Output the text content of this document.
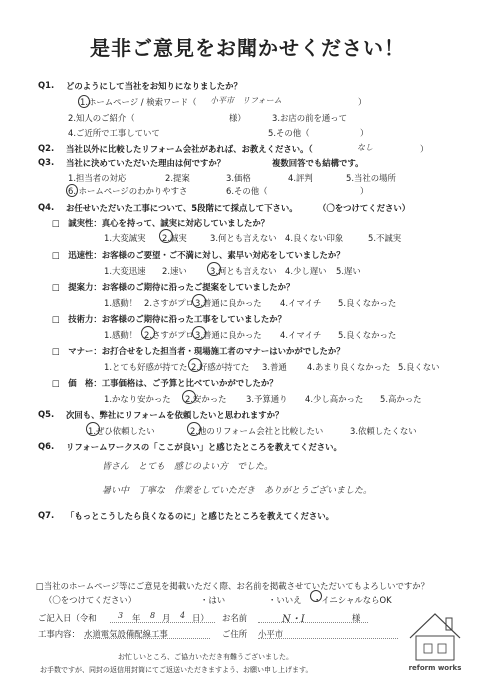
是非ご意見をお聞かせください！
Q1. どのようにして当社をお知りになりましたか？
1.ホームページ / 検索ワード（ 小平市　リフォーム	）
2.知人のご紹介（	様）	3.お店の前を通って
4.ご近所で工事していて	5.その他（	）
Q2. 当社以外に比較したリフォーム会社があれば、お教えください。（	なし	）
Q3. 当社に決めていただいた理由は何ですか？	複数回答でも結構です。
1.担当者の対応	2.提案	3.価格	4.評判	5.当社の場所
6. ホームページのわかりやすさ	6.その他（	）
Q4. お任せいただいた工事について、5段階にて採点して下さい。 （〇をつけてください）
□　誠実性：真心を持って、誠実に対応していましたか？
1.大変誠実 2.誠実	3.何とも言えない 4.良くない印象	5.不誠実
□　迅速性：お客様のご要望・ご不満に対し、素早い対応をしていましたか？
1.大変迅速 2.速い	3.何とも言えない 4.少し遅い 5.遅い
□　提案力：お客様のご期待に沿ったご提案をしていましたか？
1.感動！ 2.さすがプロ 3.普通に良かった 4.イマイチ 5.良くなかった
□　技術力：お客様のご期待に沿った工事をしていましたか？
1.感動！ 2.さすがプロ 3.普通に良かった 4.イマイチ 5.良くなかった
□　マナー：お打合せをした担当者・現場施工者のマナーはいかがでしたか？
1.とても好感が持てた 2.好感が持てた 3.普通 4.あまり良くなかった 5.良くない
□　価　格：工事価格は、ご予算と比べていかがでしたか？
1.かなり安かった 2.安かった 3.予算通り 4.少し高かった 5.高かった
Q5. 次回も、弊社にリフォームを依頼したいと思われますか？
1.ぜひ依頼したい	2.他のリフォーム会社と比較したい	3.依頼したくない
Q6. リフォームワークスの「ここが良い」と感じたところを教えてください。
皆さん　とても　感じのよい方　でした。
暑い中　丁寧な　作業をしていただき　ありがとうございました。
Q7. 「もっとこうしたら良くなるのに」と感じたところを教えてください。
□当社のホームページ等にご意見を掲載いただく際、お名前を掲載させていただいてもよろしいですか？
（〇をつけてください）	・はい	・いいえ ・イニシャルならOK
ご記入日（令和	3 年 8 月 4 日） お名前	N・I	様
工事内容： 水道電気設備配線工事	ご住所 小平市
お忙しいところ、ご協力いただき有難うございました。
お手数ですが、同封の返信用封筒にてご返送いただきますよう、お願い申し上げます。	reform works
